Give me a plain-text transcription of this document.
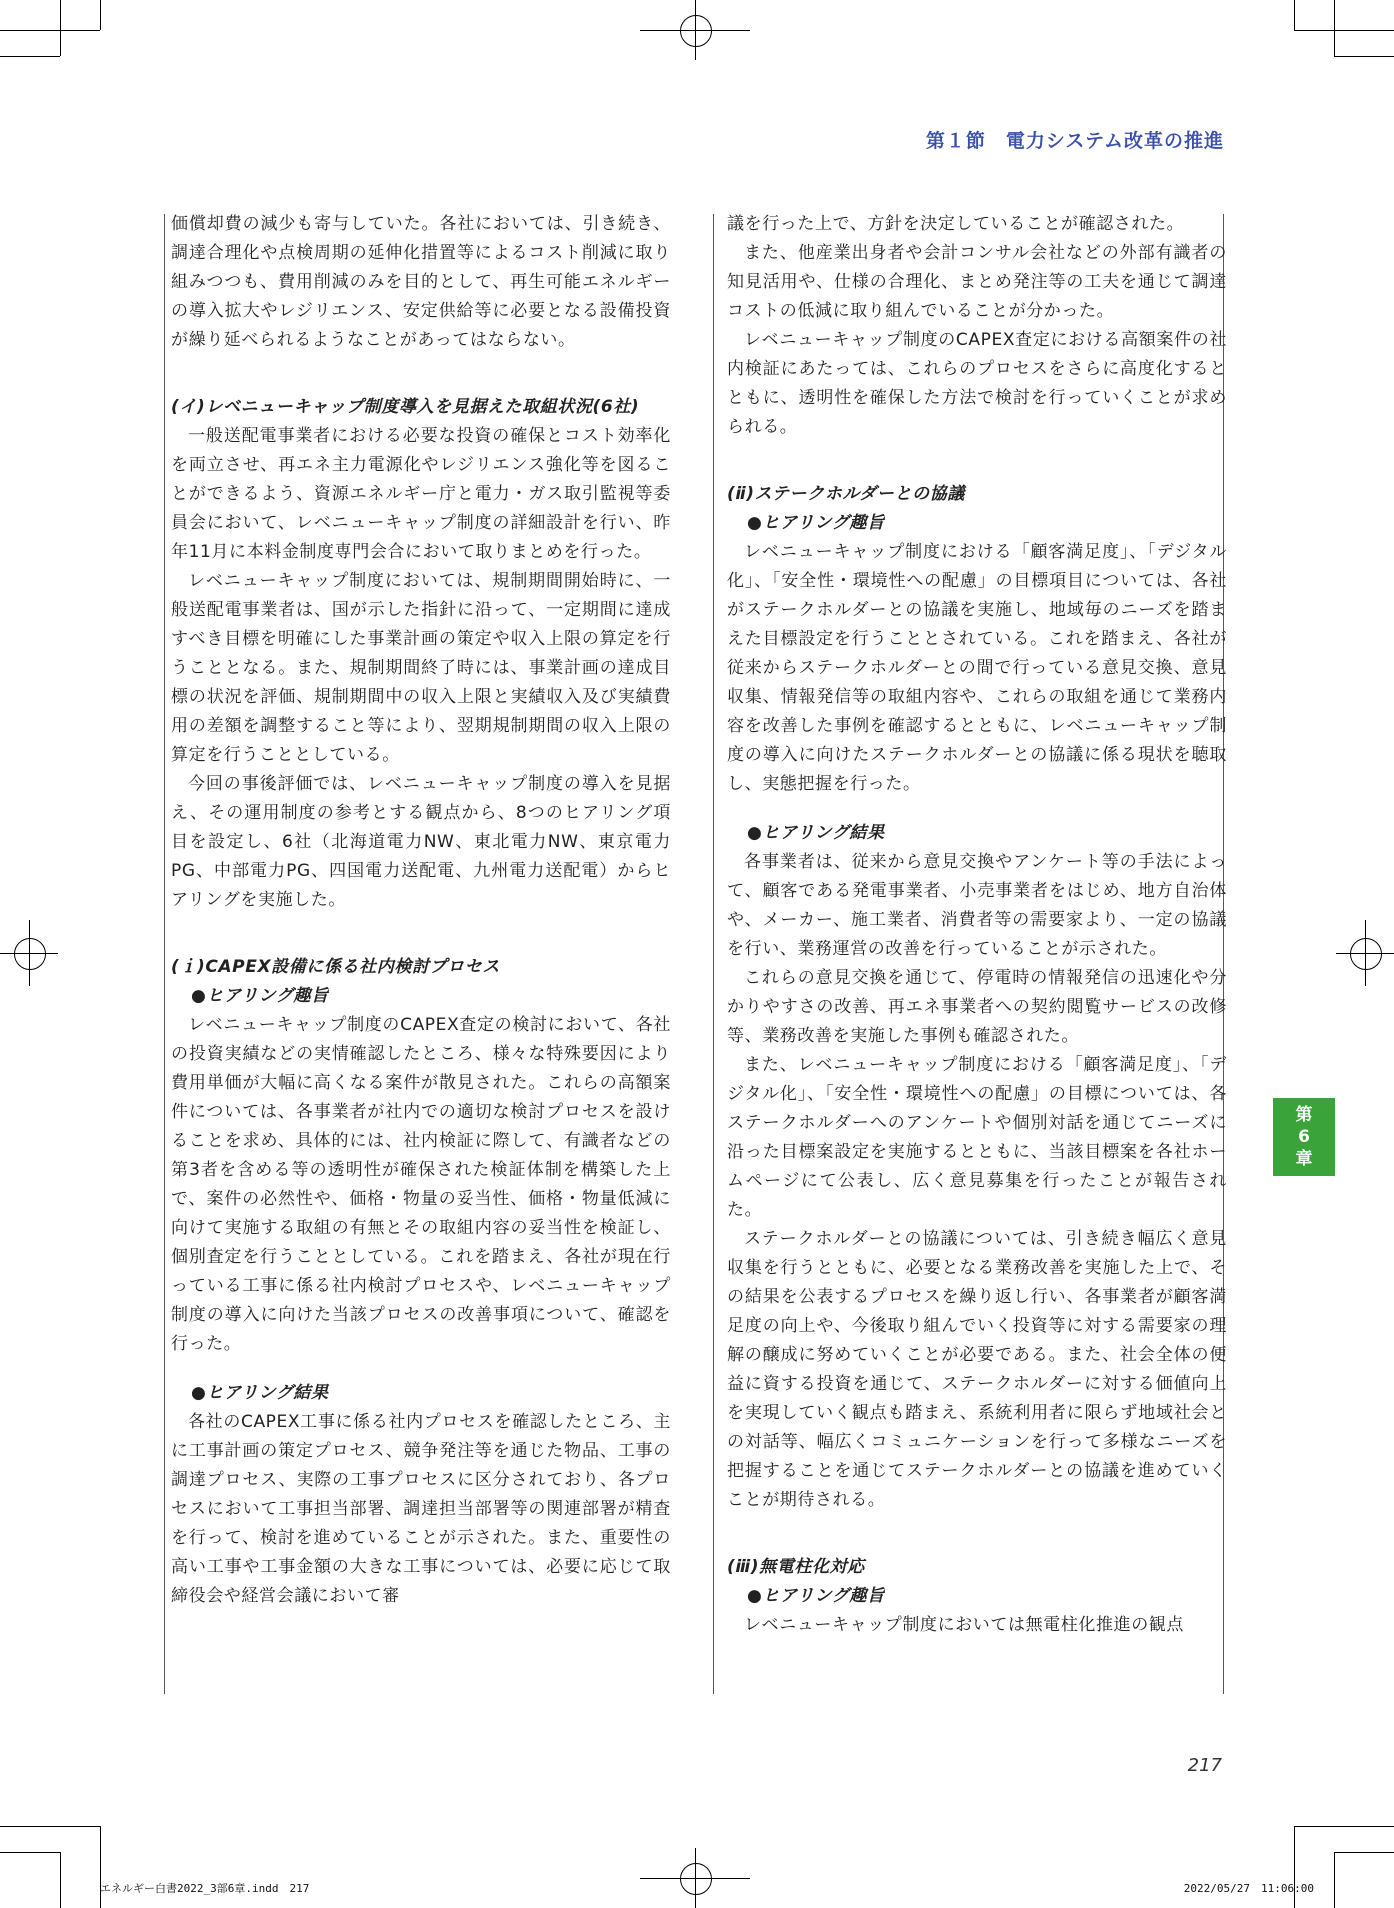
第１節　電力システム改革の推進

価償却費の減少も寄与していた。各社においては、引き続き、調達合理化や点検周期の延伸化措置等によるコスト削減に取り組みつつも、費用削減のみを目的として、再生可能エネルギーの導入拡大やレジリエンス、安定供給等に必要となる設備投資が繰り延べられるようなことがあってはならない。

(イ)レベニューキャップ制度導入を見据えた取組状況(6社)

一般送配電事業者における必要な投資の確保とコスト効率化を両立させ、再エネ主力電源化やレジリエンス強化等を図ることができるよう、資源エネルギー庁と電力・ガス取引監視等委員会において、レベニューキャップ制度の詳細設計を行い、昨年11月に本料金制度専門会合において取りまとめを行った。

レベニューキャップ制度においては、規制期間開始時に、一般送配電事業者は、国が示した指針に沿って、一定期間に達成すべき目標を明確にした事業計画の策定や収入上限の算定を行うこととなる。また、規制期間終了時には、事業計画の達成目標の状況を評価、規制期間中の収入上限と実績収入及び実績費用の差額を調整すること等により、翌期規制期間の収入上限の算定を行うこととしている。

今回の事後評価では、レベニューキャップ制度の導入を見据え、その運用制度の参考とする観点から、8つのヒアリング項目を設定し、6社（北海道電力NW、東北電力NW、東京電力PG、中部電力PG、四国電力送配電、九州電力送配電）からヒアリングを実施した。

(ｉ)CAPEX設備に係る社内検討プロセス

●ヒアリング趣旨

レベニューキャップ制度のCAPEX査定の検討において、各社の投資実績などの実情確認したところ、様々な特殊要因により費用単価が大幅に高くなる案件が散見された。これらの高額案件については、各事業者が社内での適切な検討プロセスを設けることを求め、具体的には、社内検証に際して、有識者などの第3者を含める等の透明性が確保された検証体制を構築した上で、案件の必然性や、価格・物量の妥当性、価格・物量低減に向けて実施する取組の有無とその取組内容の妥当性を検証し、個別査定を行うこととしている。これを踏まえ、各社が現在行っている工事に係る社内検討プロセスや、レベニューキャップ制度の導入に向けた当該プロセスの改善事項について、確認を行った。

●ヒアリング結果

各社のCAPEX工事に係る社内プロセスを確認したところ、主に工事計画の策定プロセス、競争発注等を通じた物品、工事の調達プロセス、実際の工事プロセスに区分されており、各プロセスにおいて工事担当部署、調達担当部署等の関連部署が精査を行って、検討を進めていることが示された。また、重要性の高い工事や工事金額の大きな工事については、必要に応じて取締役会や経営会議において審

議を行った上で、方針を決定していることが確認された。

また、他産業出身者や会計コンサル会社などの外部有識者の知見活用や、仕様の合理化、まとめ発注等の工夫を通じて調達コストの低減に取り組んでいることが分かった。

レベニューキャップ制度のCAPEX査定における高額案件の社内検証にあたっては、これらのプロセスをさらに高度化するとともに、透明性を確保した方法で検討を行っていくことが求められる。

(ⅱ)ステークホルダーとの協議

●ヒアリング趣旨

レベニューキャップ制度における「顧客満足度」、「デジタル化」、「安全性・環境性への配慮」の目標項目については、各社がステークホルダーとの協議を実施し、地域毎のニーズを踏まえた目標設定を行うこととされている。これを踏まえ、各社が従来からステークホルダーとの間で行っている意見交換、意見収集、情報発信等の取組内容や、これらの取組を通じて業務内容を改善した事例を確認するとともに、レベニューキャップ制度の導入に向けたステークホルダーとの協議に係る現状を聴取し、実態把握を行った。

●ヒアリング結果

各事業者は、従来から意見交換やアンケート等の手法によって、顧客である発電事業者、小売事業者をはじめ、地方自治体や、メーカー、施工業者、消費者等の需要家より、一定の協議を行い、業務運営の改善を行っていることが示された。

これらの意見交換を通じて、停電時の情報発信の迅速化や分かりやすさの改善、再エネ事業者への契約閲覧サービスの改修等、業務改善を実施した事例も確認された。

また、レベニューキャップ制度における「顧客満足度」、「デジタル化」、「安全性・環境性への配慮」の目標については、各ステークホルダーへのアンケートや個別対話を通じてニーズに沿った目標案設定を実施するとともに、当該目標案を各社ホームページにて公表し、広く意見募集を行ったことが報告された。

ステークホルダーとの協議については、引き続き幅広く意見収集を行うとともに、必要となる業務改善を実施した上で、その結果を公表するプロセスを繰り返し行い、各事業者が顧客満足度の向上や、今後取り組んでいく投資等に対する需要家の理解の醸成に努めていくことが必要である。また、社会全体の便益に資する投資を通じて、ステークホルダーに対する価値向上を実現していく観点も踏まえ、系統利用者に限らず地域社会との対話等、幅広くコミュニケーションを行って多様なニーズを把握することを通じてステークホルダーとの協議を進めていくことが期待される。

(ⅲ)無電柱化対応

●ヒアリング趣旨

レベニューキャップ制度においては無電柱化推進の観点

第
6
章
217
エネルギー白書2022_3部6章.indd　217	2022/05/27　11:06:00
